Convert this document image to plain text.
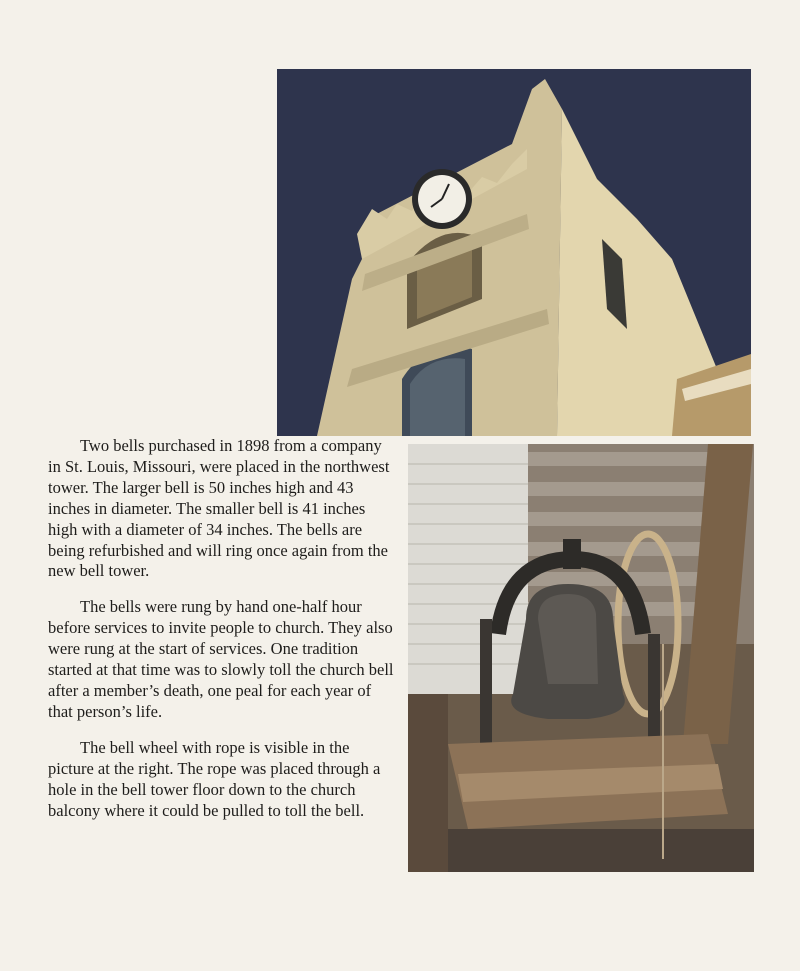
Two bells purchased in 1898 from a company in St. Louis, Missouri, were placed in the northwest tower. The larger bell is 50 inches high and 43 inches in diameter. The smaller bell is 41 inches high with a diameter of 34 inches. The bells are being refurbished and will ring once again from the new bell tower.

The bells were rung by hand one-half hour before services to invite people to church. They also were rung at the start of services. One tradition started at that time was to slowly toll the church bell after a member’s death, one peal for each year of that person’s life.

The bell wheel with rope is visible in the picture at the right. The rope was placed through a hole in the bell tower floor down to the church balcony where it could be pulled to toll the bell.
